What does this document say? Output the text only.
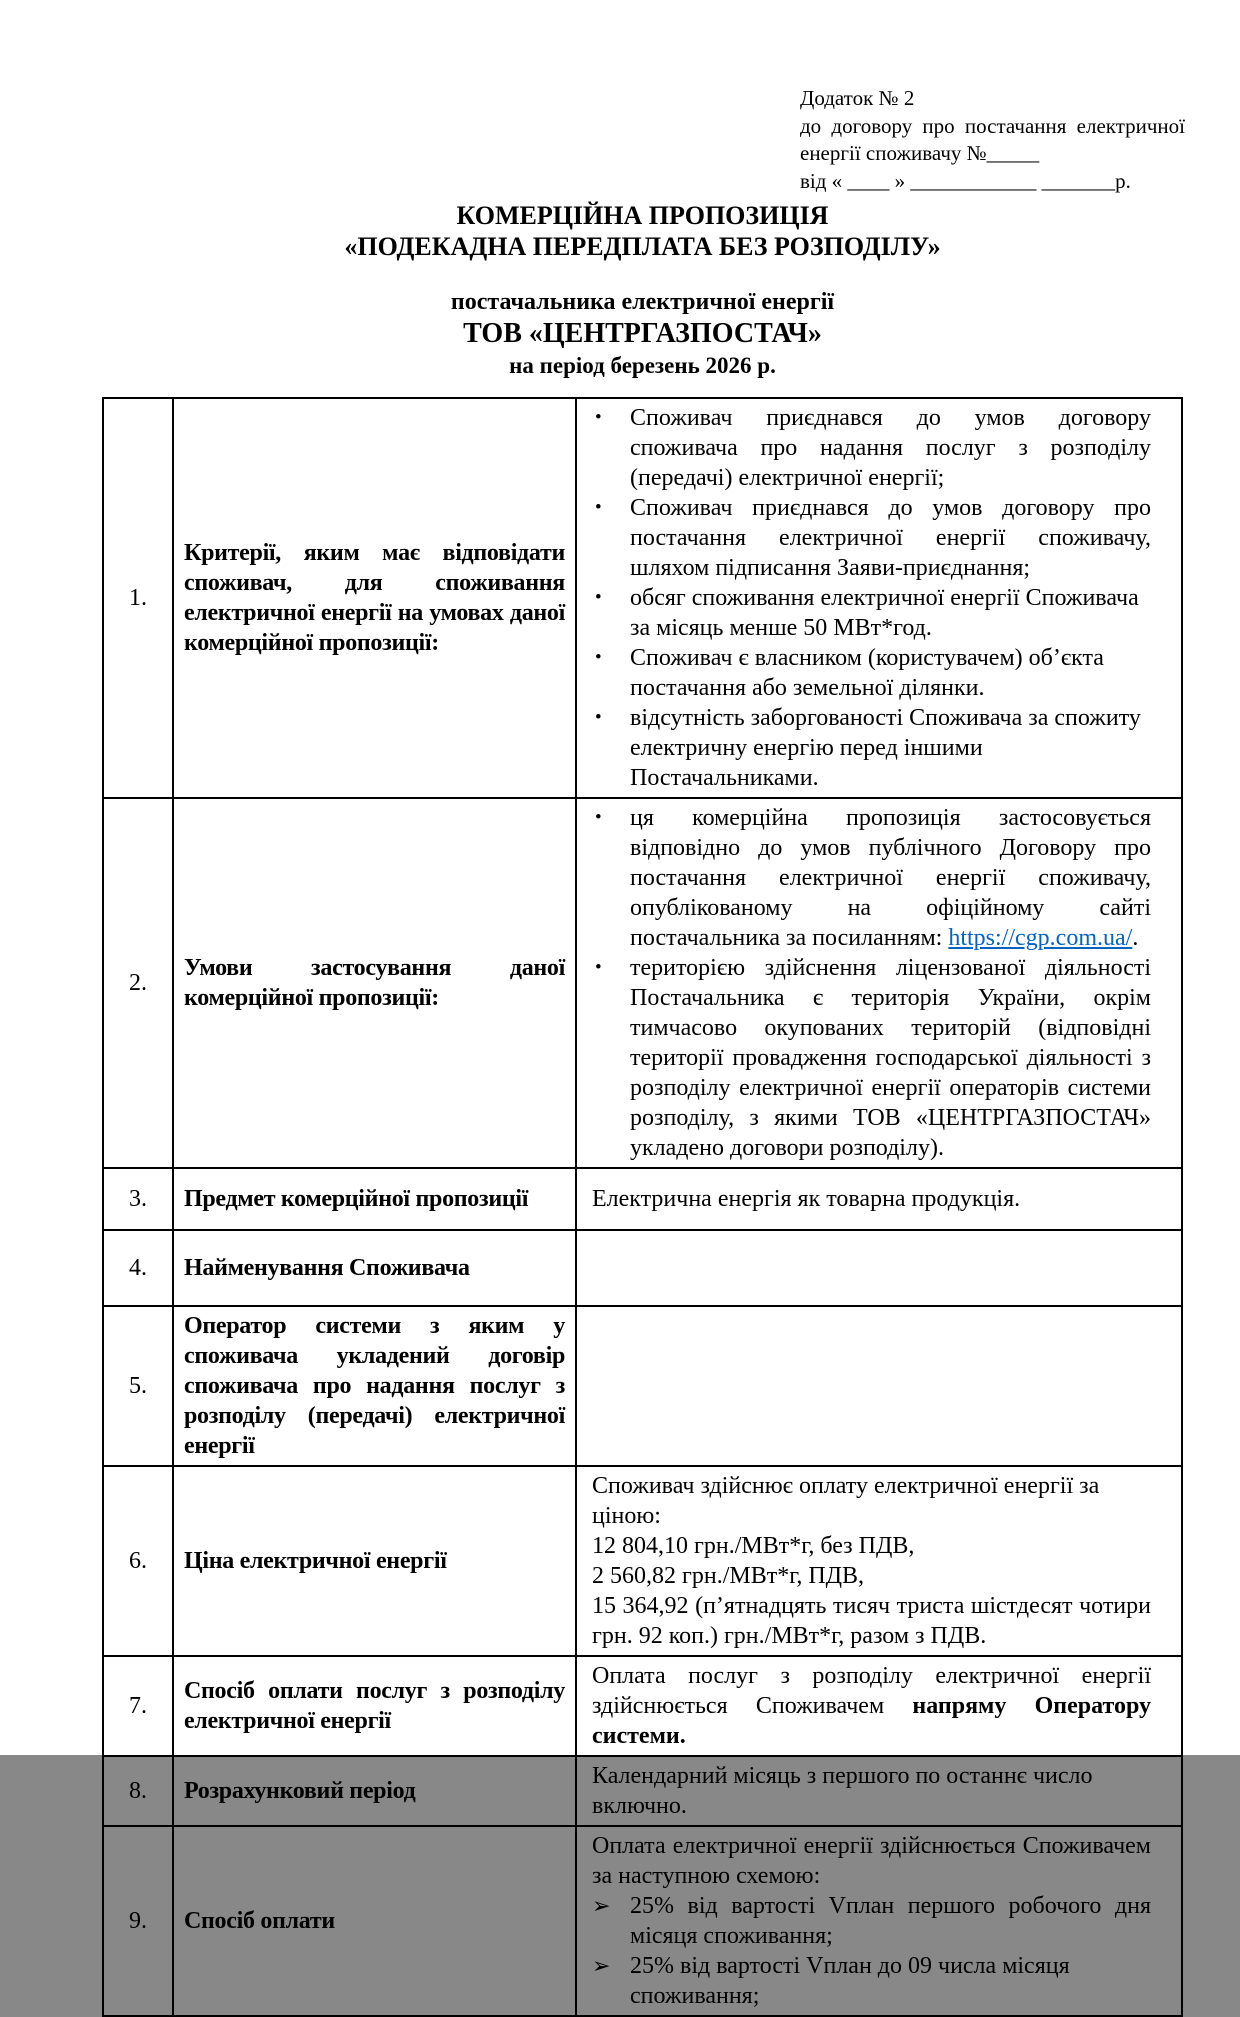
Додаток № 2
до договору про постачання електричної
енергії споживачу №_____
від « ____ » ____________ _______р.
КОМЕРЦІЙНА ПРОПОЗИЦІЯ
«ПОДЕКАДНА ПЕРЕДПЛАТА БЕЗ РОЗПОДІЛУ»
постачальника електричної енергії
ТОВ «ЦЕНТРГАЗПОСТАЧ»
на період березень 2026 р.
1.	Критерії, яким має відповідати споживач, для споживання електричної енергії на умовах даної комерційної пропозиції:	
•	Споживач приєднався до умов договору споживача про надання послуг з розподілу (передачі) електричної енергії;
•	Споживач приєднався до умов договору про постачання електричної енергії споживачу, шляхом підписання Заяви-приєднання;
•	обсяг споживання електричної енергії Споживача за місяць менше 50 МВт*год.
•	Споживач є власником (користувачем) об’єкта постачання або земельної ділянки.
•	відсутність заборгованості Споживача за спожиту електричну енергію перед іншими Постачальниками.

2.	Умови застосування даної комерційної пропозиції:	• ця комерційна пропозиція застосовується відповідно до умов публічного Договору про постачання електричної енергії споживачу, опублікованому на офіційному сайті постачальника за посиланням: https://cgp.com.ua/.
• територією здійснення ліцензованої діяльності Постачальника є територія України, окрім тимчасово окупованих територій (відповідні території провадження господарської діяльності з розподілу електричної енергії операторів системи розподілу, з якими ТОВ «ЦЕНТРГАЗПОСТАЧ» укладено договори розподілу).

3.	Предмет комерційної пропозиції	Електрична енергія як товарна продукція.

4.	Найменування Споживача	
5.	Оператор системи з яким у споживача укладений договір споживача про надання послуг з розподілу (передачі) електричної енергії	
6.	Ціна електричної енергії	Споживач здійснює оплату електричної енергії за ціною:
12 804,10 грн./МВт*г, без ПДВ,
2 560,82 грн./МВт*г, ПДВ,
15 364,92 (п’ятнадцять тисяч триста шістдесят чотири грн. 92 коп.) грн./МВт*г, разом з ПДВ.

7.	Спосіб оплати послуг з розподілу електричної енергії	Оплата послуг з розподілу електричної енергії здійснюється Споживачем напряму Оператору системи.

8.	Розрахунковий період	Календарний місяць з першого по останнє число включно.

9.	Спосіб оплати	Оплата електричної енергії здійснюється Споживачем за наступною схемою:
➢ 25% від вартості Vплан першого робочого дня місяця споживання;
➢ 25% від вартості Vплан до 09 числа місяця споживання;
